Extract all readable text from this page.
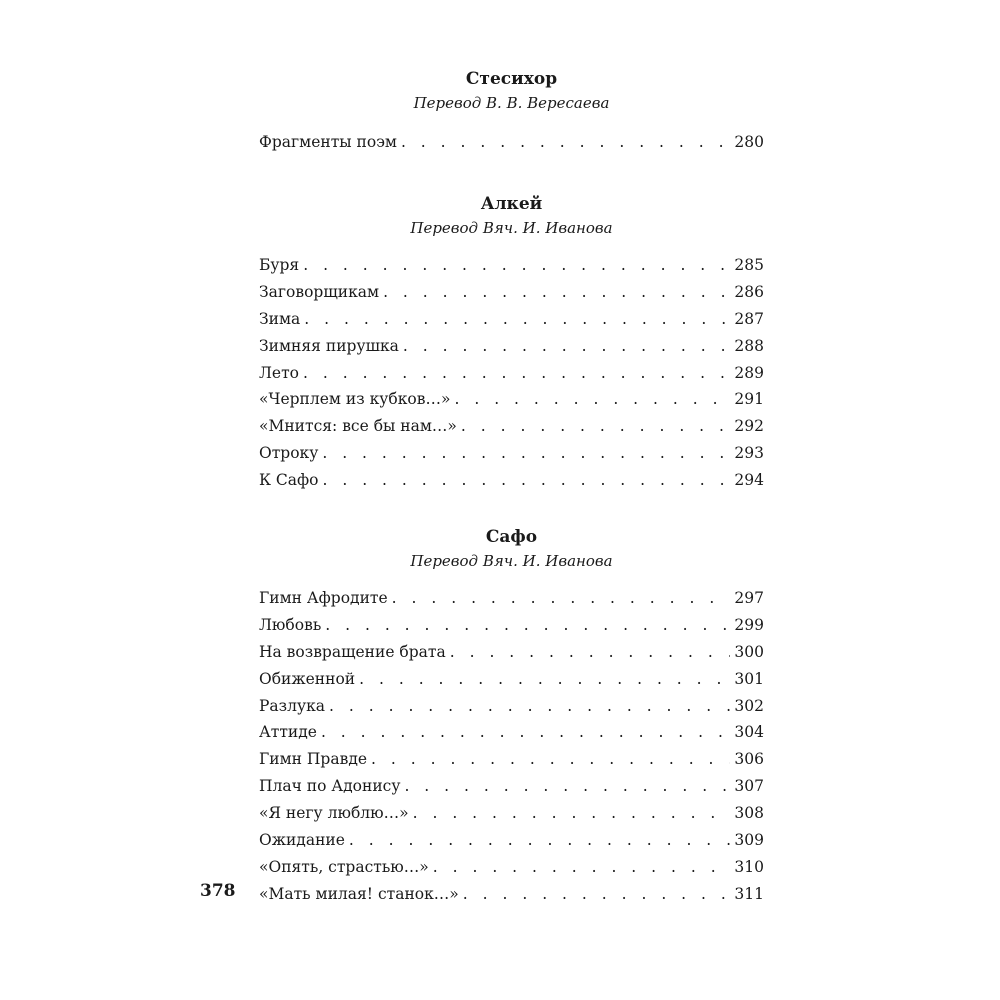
Стесихор

Перевод В. В. Вересаева

Фрагменты поэм . . .	280
Алкей

Перевод Вяч. И. Иванова

Буря . . .	285
Заговорщикам . . .	286
Зима . . .	287
Зимняя пирушка . . .	288
Лето . . .	289
«Черплем из кубков…» . . .	291
«Мнится: все бы нам…» . . .	292
Отроку . . .	293
К Сафо . . .	294
Сафо

Перевод Вяч. И. Иванова

Гимн Афродите . . .	297
Любовь . . .	299
На возвращение брата . . .	300
Обиженной . . .	301
Разлука . . .	302
Аттиде . . .	304
Гимн Правде . . .	306
Плач по Адонису . . .	307
«Я негу люблю…» . . .	308
Ожидание . . .	309
«Опять, страстью…» . . .	310
«Мать милая! станок…» . . .	311
378
